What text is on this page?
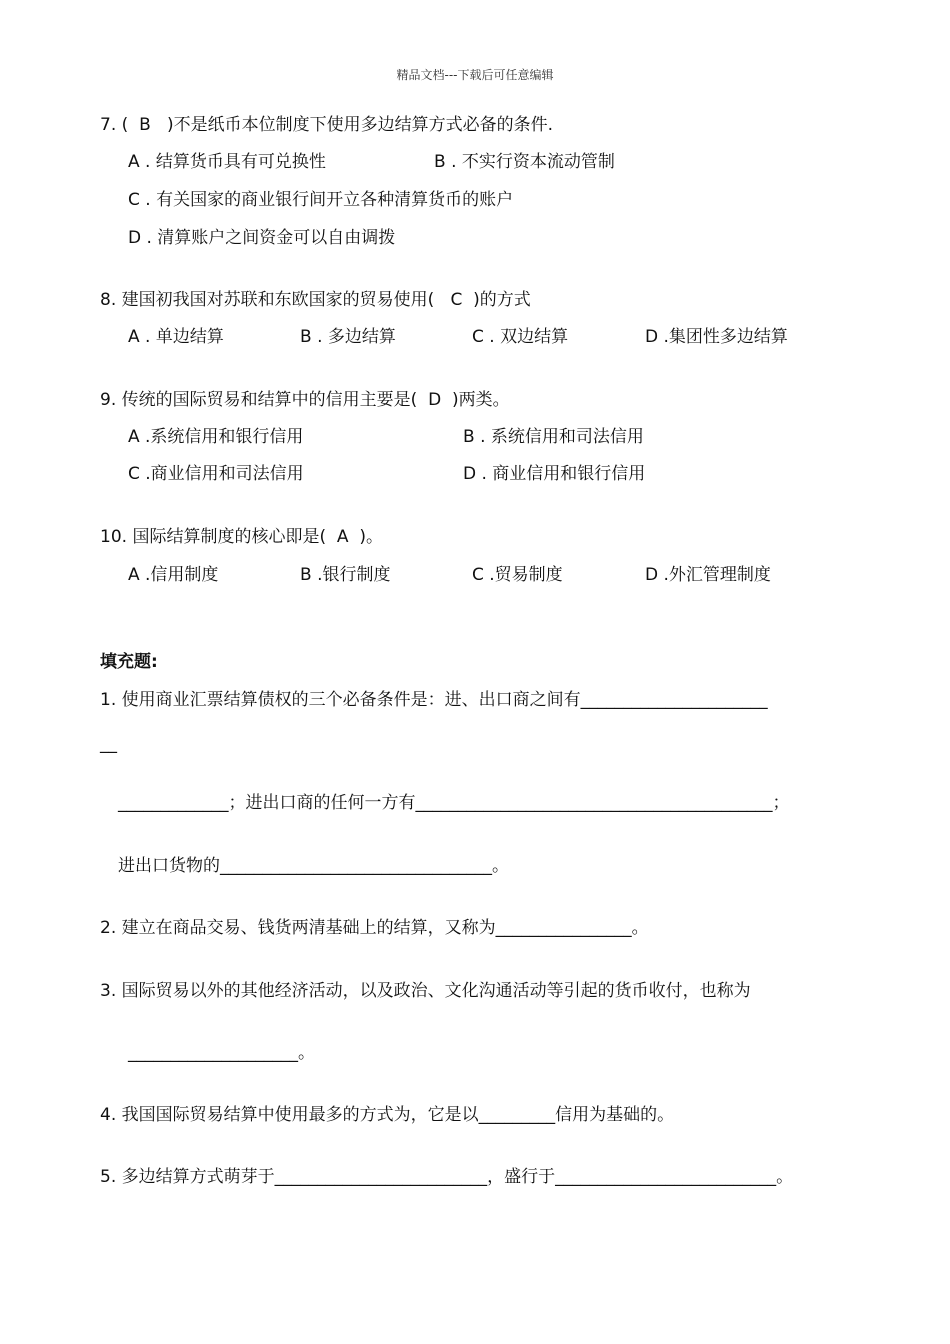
精品文档---下载后可任意编辑
7. (  B   )不是纸币本位制度下使用多边结算方式必备的条件.
A . 结算货币具有可兑换性	B . 不实行资本流动管制
C . 有关国家的商业银行间开立各种清算货币的账户
D . 清算账户之间资金可以自由调拨
8. 建国初我国对苏联和东欧国家的贸易使用(   C  )的方式
A . 单边结算	B . 多边结算	C . 双边结算	D .集团性多边结算
9. 传统的国际贸易和结算中的信用主要是(  D  )两类。
A .系统信用和银行信用	B . 系统信用和司法信用
C .商业信用和司法信用	D . 商业信用和银行信用
10. 国际结算制度的核心即是(  A  )。
A .信用制度	B .银行制度	C .贸易制度	D .外汇管理制度
填充题:
1. 使用商业汇票结算债权的三个必备条件是：进、出口商之间有______________________
__
_____________；进出口商的任何一方有__________________________________________；
进出口货物的________________________________。
2. 建立在商品交易、钱货两清基础上的结算，又称为________________。
3. 国际贸易以外的其他经济活动，以及政治、文化沟通活动等引起的货币收付，也称为
____________________。
4. 我国国际贸易结算中使用最多的方式为，它是以_________信用为基础的。
5. 多边结算方式萌芽于_________________________，盛行于__________________________。
